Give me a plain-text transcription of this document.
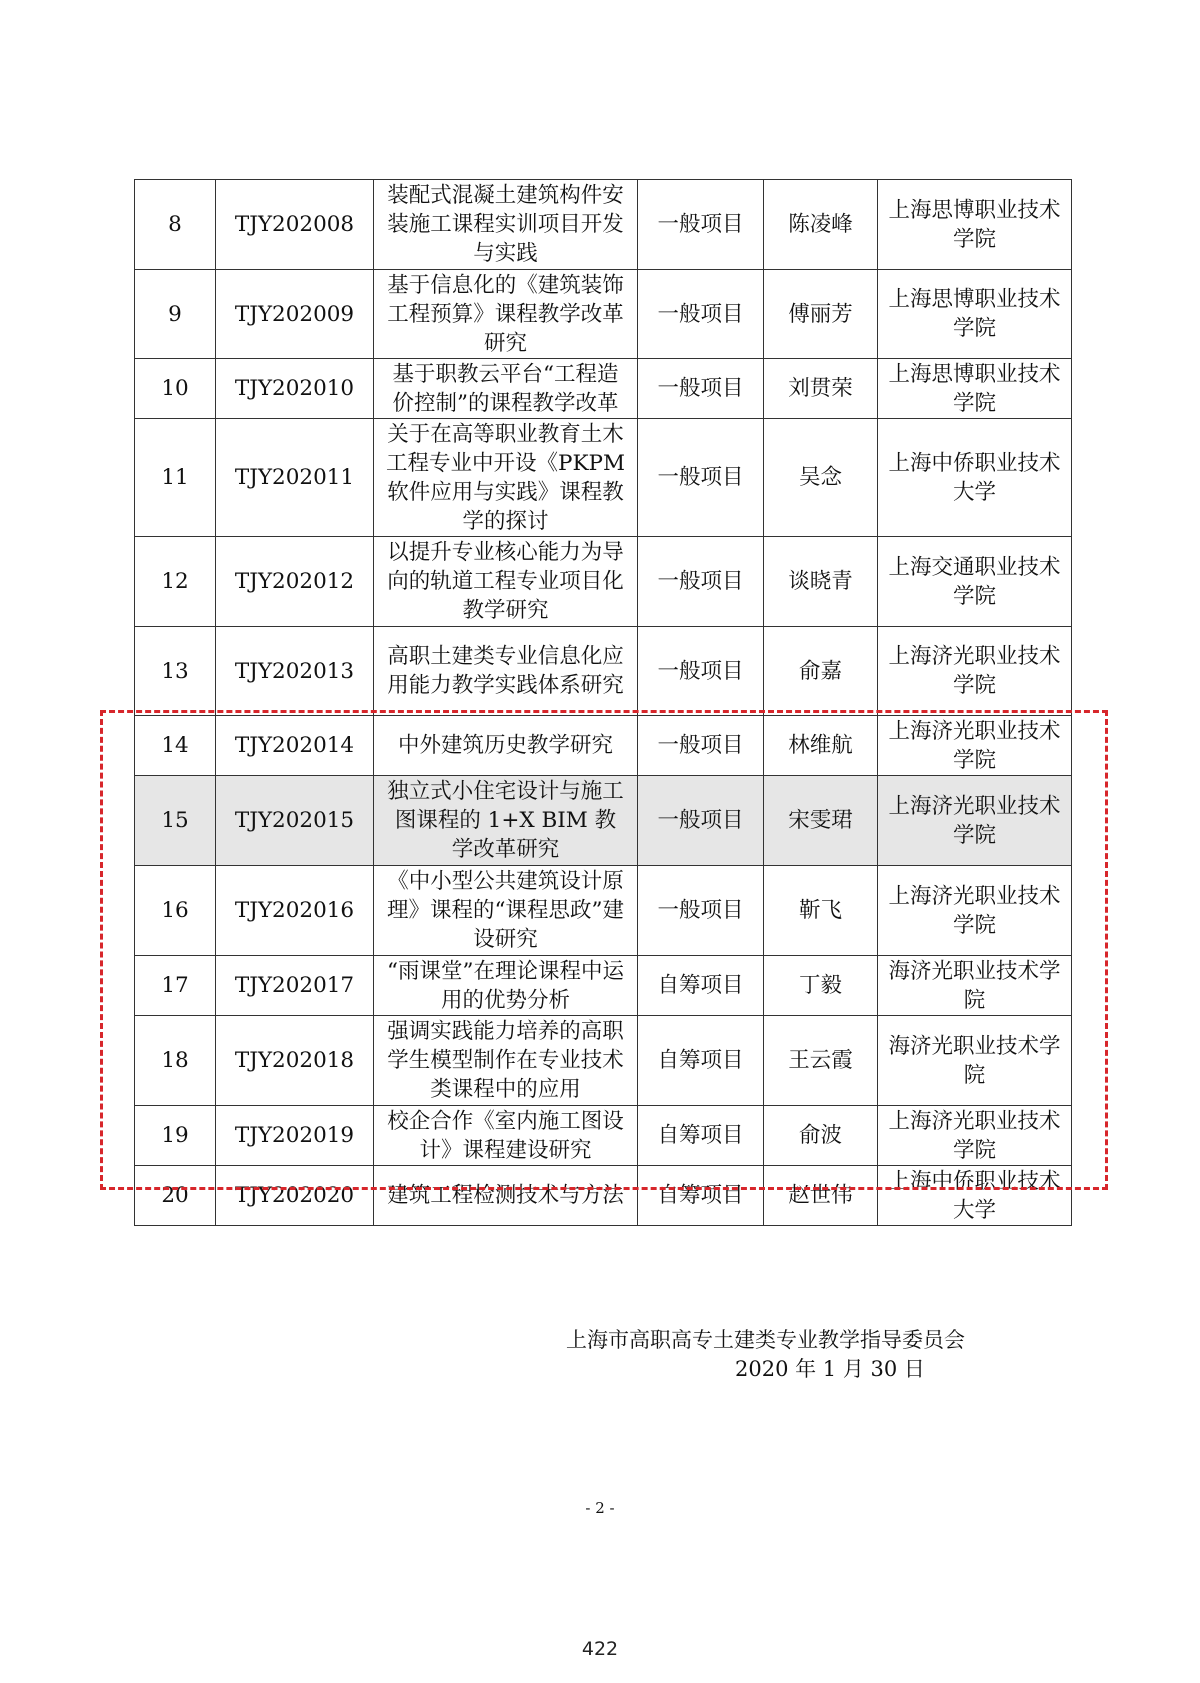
8	TJY202008	装配式混凝土建筑构件安装施工课程实训项目开发与实践	一般项目	陈凌峰	上海思博职业技术学院
9	TJY202009	基于信息化的《建筑装饰工程预算》课程教学改革研究	一般项目	傅丽芳	上海思博职业技术学院
10	TJY202010	基于职教云平台“工程造价控制”的课程教学改革	一般项目	刘贯荣	上海思博职业技术学院
11	TJY202011	关于在高等职业教育土木工程专业中开设《PKPM 软件应用与实践》课程教学的探讨	一般项目	吴念	上海中侨职业技术大学
12	TJY202012	以提升专业核心能力为导向的轨道工程专业项目化教学研究	一般项目	谈晓青	上海交通职业技术学院
13	TJY202013	高职土建类专业信息化应用能力教学实践体系研究	一般项目	俞嘉	上海济光职业技术学院
14	TJY202014	中外建筑历史教学研究	一般项目	林维航	上海济光职业技术学院
15	TJY202015	独立式小住宅设计与施工图课程的 1+X BIM 教学改革研究	一般项目	宋雯珺	上海济光职业技术学院
16	TJY202016	《中小型公共建筑设计原理》课程的“课程思政”建设研究	一般项目	靳飞	上海济光职业技术学院
17	TJY202017	“雨课堂”在理论课程中运用的优势分析	自筹项目	丁毅	海济光职业技术学院
18	TJY202018	强调实践能力培养的高职学生模型制作在专业技术类课程中的应用	自筹项目	王云霞	海济光职业技术学院
19	TJY202019	校企合作《室内施工图设计》课程建设研究	自筹项目	俞波	上海济光职业技术学院
20	TJY202020	建筑工程检测技术与方法	自筹项目	赵世伟	上海中侨职业技术大学
上海市高职高专土建类专业教学指导委员会
2020 年 1 月 30 日
- 2 -
422
